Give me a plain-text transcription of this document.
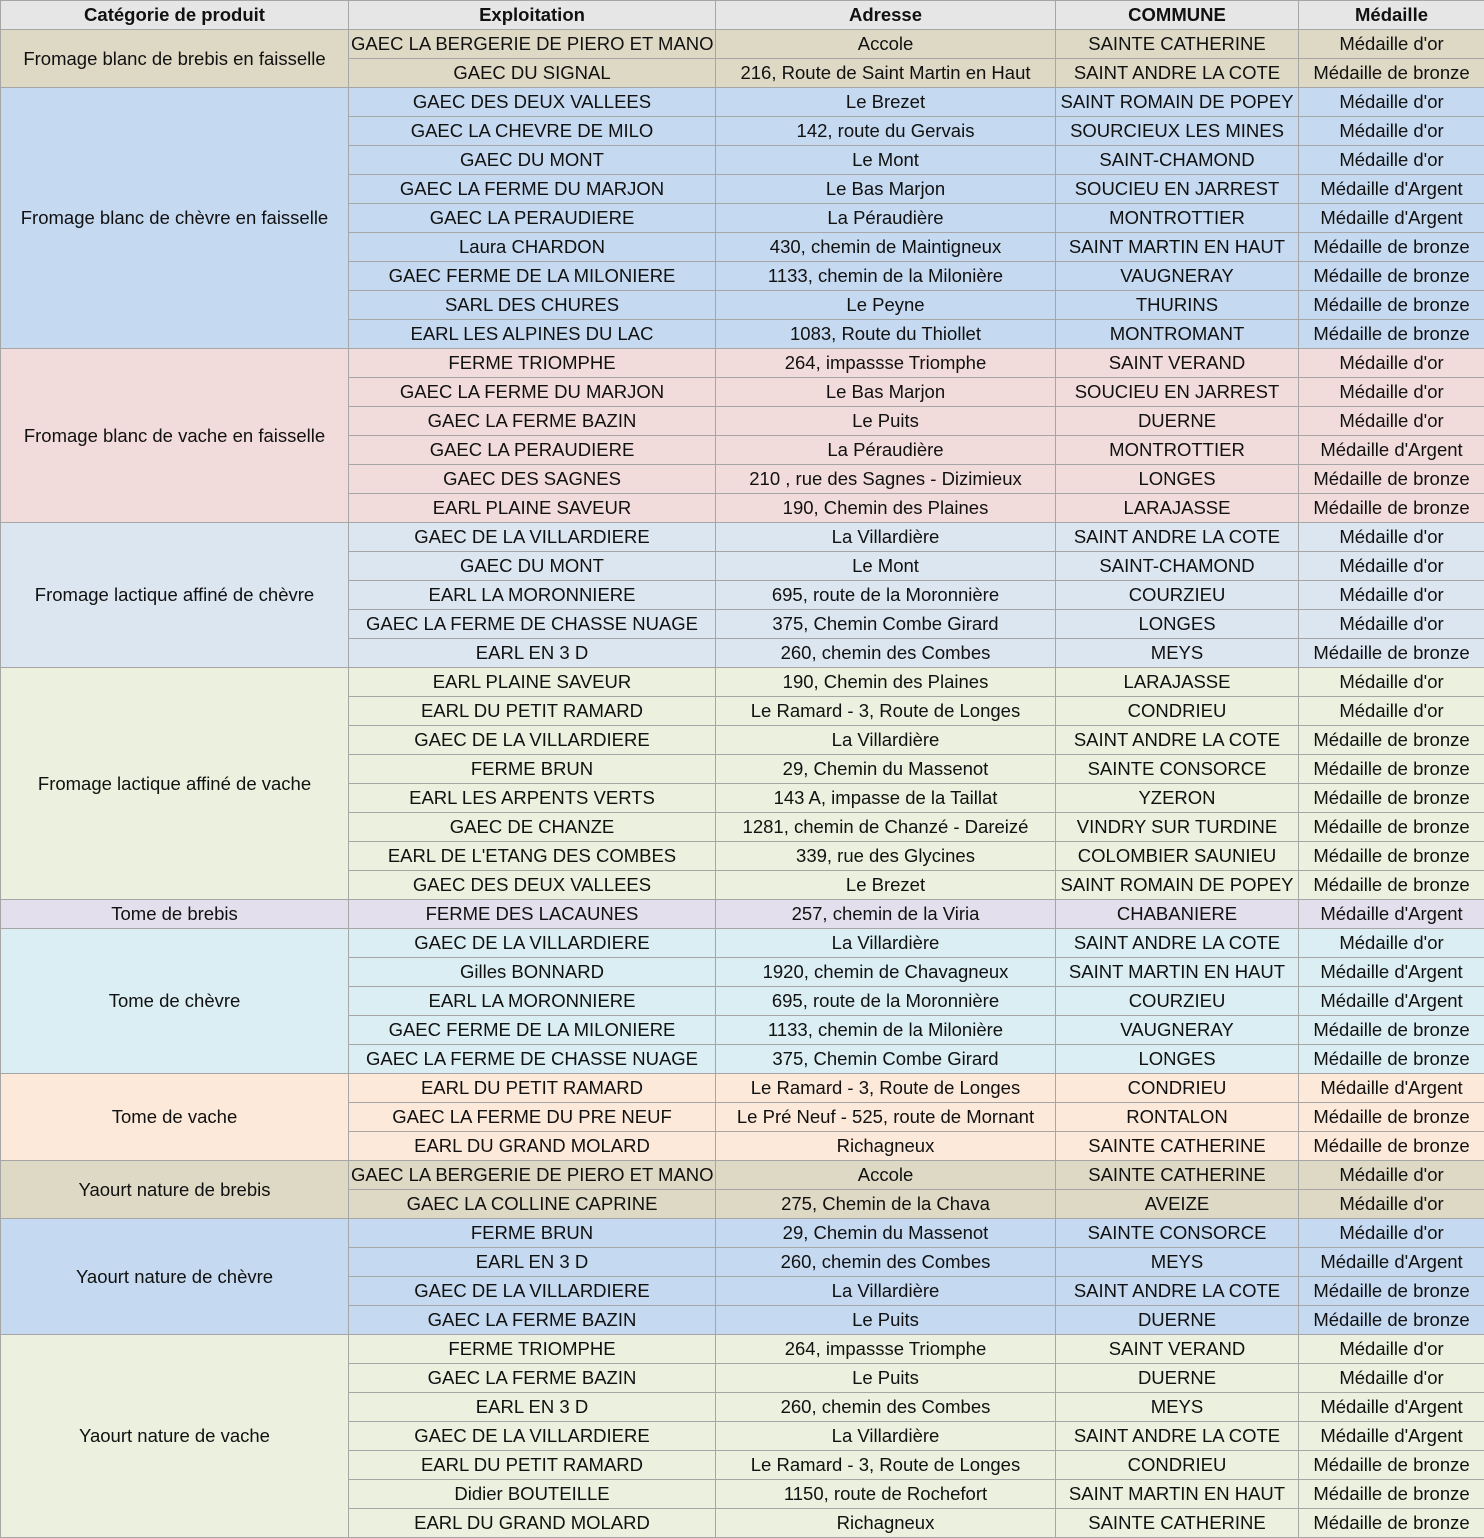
Catégorie de produit	Exploitation	Adresse	COMMUNE	Médaille
Fromage blanc de brebis en faisselle	GAEC LA BERGERIE DE PIERO ET MANO	Accole	SAINTE CATHERINE	Médaille d'or
	GAEC DU SIGNAL	216, Route de Saint Martin en Haut	SAINT ANDRE LA COTE	Médaille de bronze
Fromage blanc de chèvre en faisselle	GAEC DES DEUX VALLEES	Le Brezet	SAINT ROMAIN DE POPEY	Médaille d'or
	GAEC LA CHEVRE DE MILO	142, route du Gervais	SOURCIEUX LES MINES	Médaille d'or
	GAEC DU MONT	Le Mont	SAINT-CHAMOND	Médaille d'or
	GAEC LA FERME DU MARJON	Le Bas Marjon	SOUCIEU EN JARREST	Médaille d'Argent
	GAEC LA PERAUDIERE	La Péraudière	MONTROTTIER	Médaille d'Argent
	Laura CHARDON	430, chemin de Maintigneux	SAINT MARTIN EN HAUT	Médaille de bronze
	GAEC FERME DE LA MILONIERE	1133, chemin de la Milonière	VAUGNERAY	Médaille de bronze
	SARL DES CHURES	Le Peyne	THURINS	Médaille de bronze
	EARL LES ALPINES DU LAC	1083, Route du Thiollet	MONTROMANT	Médaille de bronze
Fromage blanc de vache en faisselle	FERME TRIOMPHE	264, impassse Triomphe	SAINT VERAND	Médaille d'or
	GAEC LA FERME DU MARJON	Le Bas Marjon	SOUCIEU EN JARREST	Médaille d'or
	GAEC LA FERME BAZIN	Le Puits	DUERNE	Médaille d'or
	GAEC LA PERAUDIERE	La Péraudière	MONTROTTIER	Médaille d'Argent
	GAEC DES SAGNES	210 , rue des Sagnes - Dizimieux	LONGES	Médaille de bronze
	EARL PLAINE SAVEUR	190, Chemin des Plaines	LARAJASSE	Médaille de bronze
Fromage lactique affiné de chèvre	GAEC DE LA VILLARDIERE	La Villardière	SAINT ANDRE LA COTE	Médaille d'or
	GAEC DU MONT	Le Mont	SAINT-CHAMOND	Médaille d'or
	EARL LA MORONNIERE	695, route de la Moronnière	COURZIEU	Médaille d'or
	GAEC LA FERME DE CHASSE NUAGE	375, Chemin Combe Girard	LONGES	Médaille d'or
	EARL EN 3 D	260, chemin des Combes	MEYS	Médaille de bronze
Fromage lactique affiné de vache	EARL PLAINE SAVEUR	190, Chemin des Plaines	LARAJASSE	Médaille d'or
	EARL DU PETIT RAMARD	Le Ramard - 3, Route de Longes	CONDRIEU	Médaille d'or
	GAEC DE LA VILLARDIERE	La Villardière	SAINT ANDRE LA COTE	Médaille de bronze
	FERME BRUN	29, Chemin du Massenot	SAINTE CONSORCE	Médaille de bronze
	EARL LES ARPENTS VERTS	143 A, impasse de la Taillat	YZERON	Médaille de bronze
	GAEC DE CHANZE	1281, chemin de Chanzé - Dareizé	VINDRY SUR TURDINE	Médaille de bronze
	EARL DE L'ETANG DES COMBES	339, rue des Glycines	COLOMBIER SAUNIEU	Médaille de bronze
	GAEC DES DEUX VALLEES	Le Brezet	SAINT ROMAIN DE POPEY	Médaille de bronze
Tome de brebis	FERME DES LACAUNES	257, chemin de la Viria	CHABANIERE	Médaille d'Argent
Tome de chèvre	GAEC DE LA VILLARDIERE	La Villardière	SAINT ANDRE LA COTE	Médaille d'or
	Gilles BONNARD	1920, chemin de Chavagneux	SAINT MARTIN EN HAUT	Médaille d'Argent
	EARL LA MORONNIERE	695, route de la Moronnière	COURZIEU	Médaille d'Argent
	GAEC FERME DE LA MILONIERE	1133, chemin de la Milonière	VAUGNERAY	Médaille de bronze
	GAEC LA FERME DE CHASSE NUAGE	375, Chemin Combe Girard	LONGES	Médaille de bronze
Tome de vache	EARL DU PETIT RAMARD	Le Ramard - 3, Route de Longes	CONDRIEU	Médaille d'Argent
	GAEC LA FERME DU PRE NEUF	Le Pré Neuf - 525, route de Mornant	RONTALON	Médaille de bronze
	EARL DU GRAND MOLARD	Richagneux	SAINTE CATHERINE	Médaille de bronze
Yaourt nature de brebis	GAEC LA BERGERIE DE PIERO ET MANO	Accole	SAINTE CATHERINE	Médaille d'or
	GAEC LA COLLINE CAPRINE	275, Chemin de la Chava	AVEIZE	Médaille d'or
Yaourt nature de chèvre	FERME BRUN	29, Chemin du Massenot	SAINTE CONSORCE	Médaille d'or
	EARL EN 3 D	260, chemin des Combes	MEYS	Médaille d'Argent
	GAEC DE LA VILLARDIERE	La Villardière	SAINT ANDRE LA COTE	Médaille de bronze
	GAEC LA FERME BAZIN	Le Puits	DUERNE	Médaille de bronze
Yaourt nature de vache	FERME TRIOMPHE	264, impassse Triomphe	SAINT VERAND	Médaille d'or
	GAEC LA FERME BAZIN	Le Puits	DUERNE	Médaille d'or
	EARL EN 3 D	260, chemin des Combes	MEYS	Médaille d'Argent
	GAEC DE LA VILLARDIERE	La Villardière	SAINT ANDRE LA COTE	Médaille d'Argent
	EARL DU PETIT RAMARD	Le Ramard - 3, Route de Longes	CONDRIEU	Médaille de bronze
	Didier BOUTEILLE	1150, route de Rochefort	SAINT MARTIN EN HAUT	Médaille de bronze
	EARL DU GRAND MOLARD	Richagneux	SAINTE CATHERINE	Médaille de bronze
